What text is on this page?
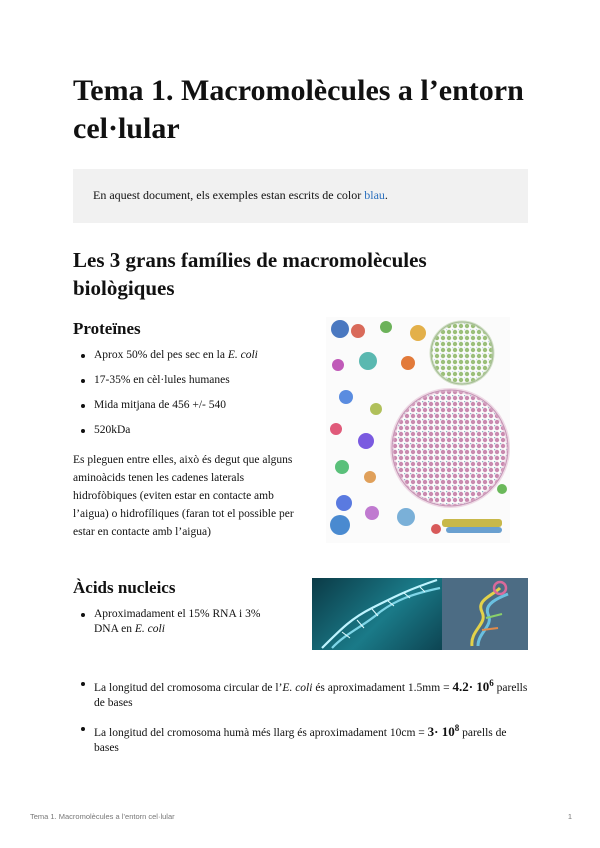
Tema 1. Macromolècules a l’entorn cel·lular
En aquest document, els exemples estan escrits de color blau.
Les 3 grans famílies de macromolècules biològiques
Proteïnes
Aprox 50% del pes sec en la E. coli
17-35% en cèl·lules humanes
Mida mitjana de 456 +/- 540
520kDa

Es pleguen entre elles, això és degut que alguns aminoàcids tenen les cadenes laterals hidrofòbiques (eviten estar en contacte amb l’aigua) o hidrofíliques (faran tot el possible per estar en contacte amb l’aigua)

Àcids nucleics
Aproximadament el 15% RNA i 3% DNA en E. coli
La longitud del cromosoma circular de l’E. coli és aproximadament $1.5mm = 4.2\cdot 10^6$ parells de bases
La longitud del cromosoma humà més llarg és aproximadament $10cm = 3\cdot 10^8$ parells de bases
Tema 1. Macromolècules a l’entorn cel·lular	1
